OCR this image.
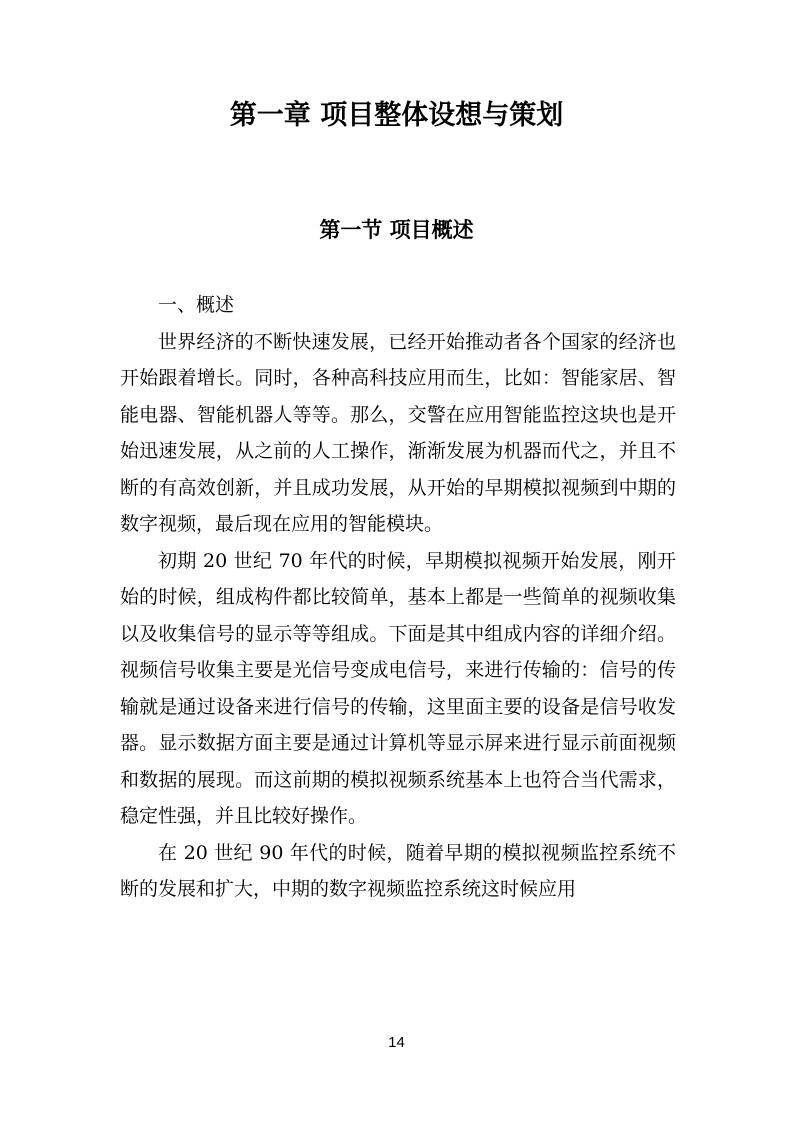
第一章 项目整体设想与策划
第一节 项目概述

一、概述

世界经济的不断快速发展，已经开始推动者各个国家的经济也开始跟着增长。同时，各种高科技应用而生，比如：智能家居、智能电器、智能机器人等等。那么，交警在应用智能监控这块也是开始迅速发展，从之前的人工操作，渐渐发展为机器而代之，并且不断的有高效创新，并且成功发展，从开始的早期模拟视频到中期的数字视频，最后现在应用的智能模块。

初期 20 世纪 70 年代的时候，早期模拟视频开始发展，刚开始的时候，组成构件都比较简单，基本上都是一些简单的视频收集以及收集信号的显示等等组成。下面是其中组成内容的详细介绍。视频信号收集主要是光信号变成电信号，来进行传输的：信号的传输就是通过设备来进行信号的传输，这里面主要的设备是信号收发器。显示数据方面主要是通过计算机等显示屏来进行显示前面视频和数据的展现。而这前期的模拟视频系统基本上也符合当代需求，稳定性强，并且比较好操作。

在 20 世纪 90 年代的时候，随着早期的模拟视频监控系统不断的发展和扩大，中期的数字视频监控系统这时候应用

14
